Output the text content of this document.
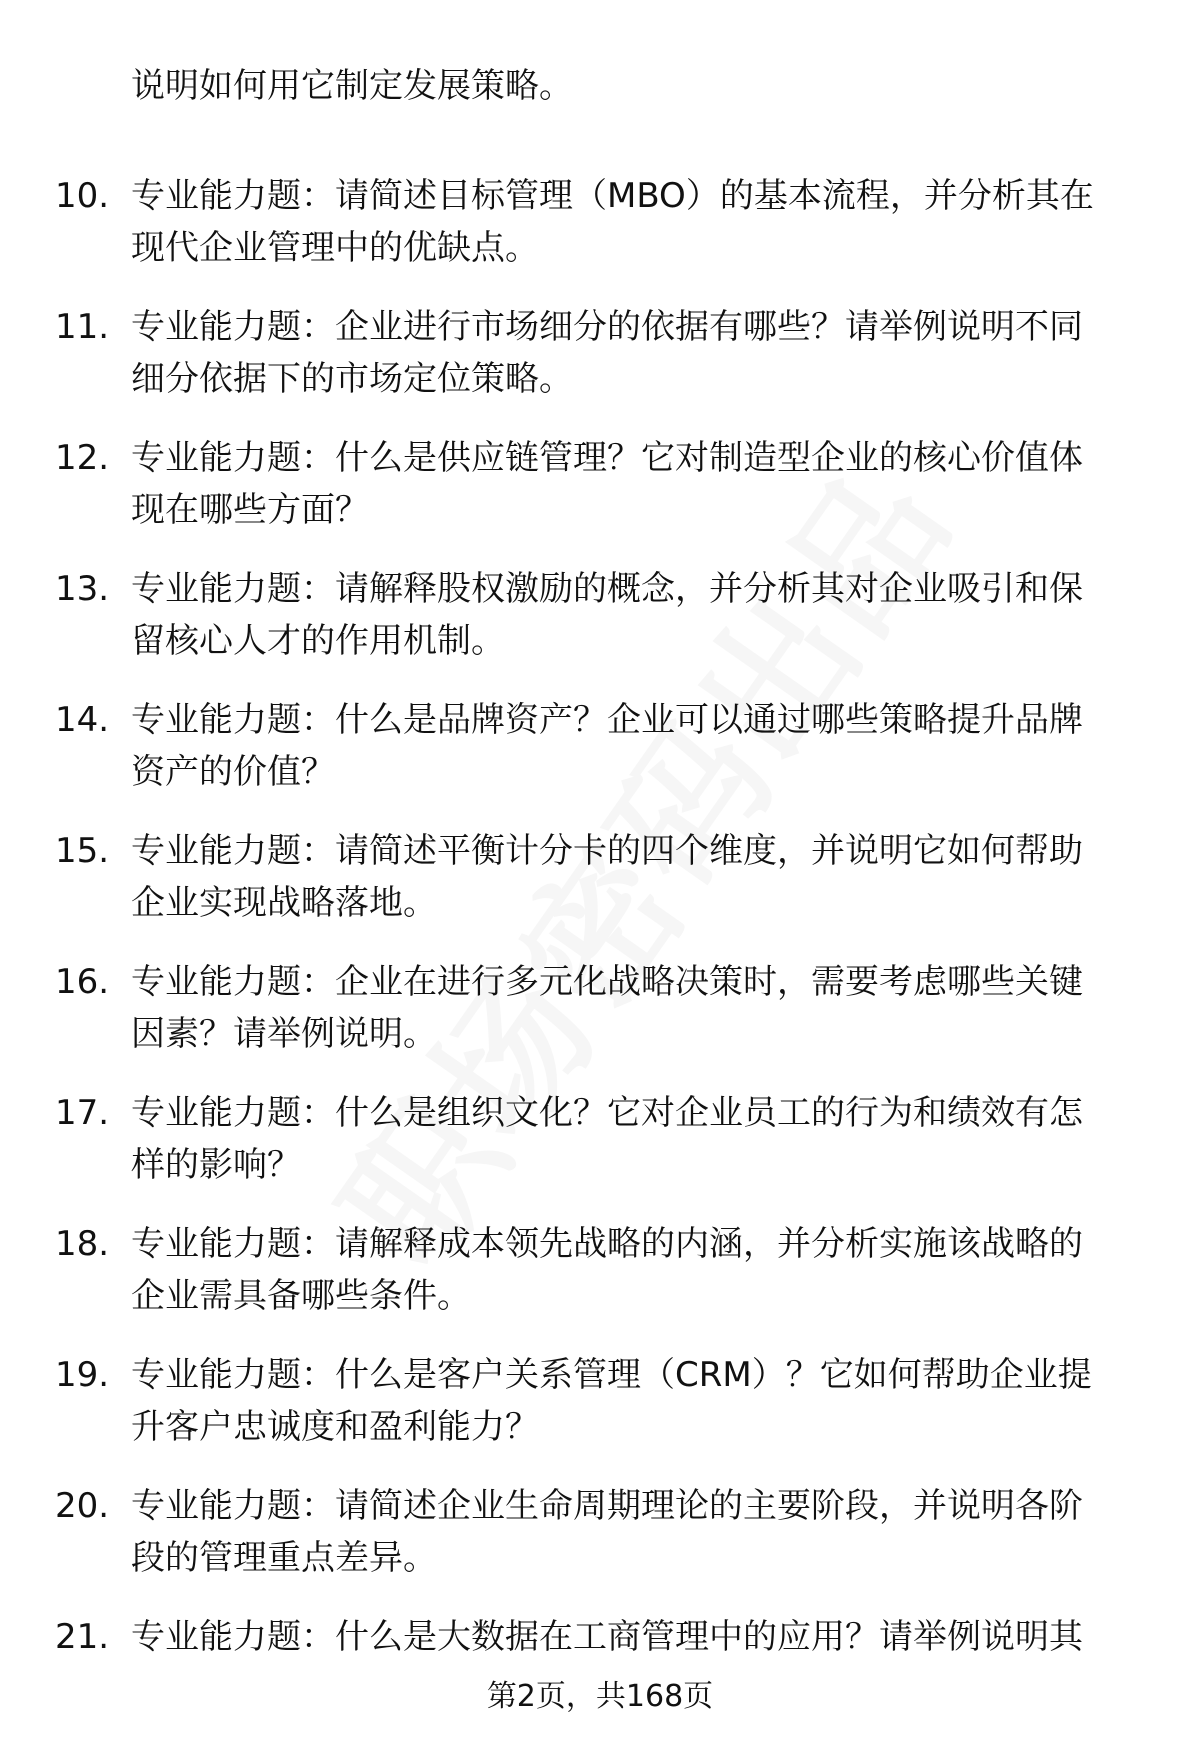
说明如何用它制定发展策略。
10. 专业能力题：请简述目标管理（MBO）的基本流程，并分析其在
现代企业管理中的优缺点。
11. 专业能力题：企业进行市场细分的依据有哪些？请举例说明不同
细分依据下的市场定位策略。
12. 专业能力题：什么是供应链管理？它对制造型企业的核心价值体
现在哪些方面？
13. 专业能力题：请解释股权激励的概念，并分析其对企业吸引和保
留核心人才的作用机制。
14. 专业能力题：什么是品牌资产？企业可以通过哪些策略提升品牌
资产的价值？
15. 专业能力题：请简述平衡计分卡的四个维度，并说明它如何帮助
企业实现战略落地。
16. 专业能力题：企业在进行多元化战略决策时，需要考虑哪些关键
因素？请举例说明。
17. 专业能力题：什么是组织文化？它对企业员工的行为和绩效有怎
样的影响？
18. 专业能力题：请解释成本领先战略的内涵，并分析实施该战略的
企业需具备哪些条件。
19. 专业能力题：什么是客户关系管理（CRM）？它如何帮助企业提
升客户忠诚度和盈利能力？
20. 专业能力题：请简述企业生命周期理论的主要阶段，并说明各阶
段的管理重点差异。
21. 专业能力题：什么是大数据在工商管理中的应用？请举例说明其
第2页，共168页
